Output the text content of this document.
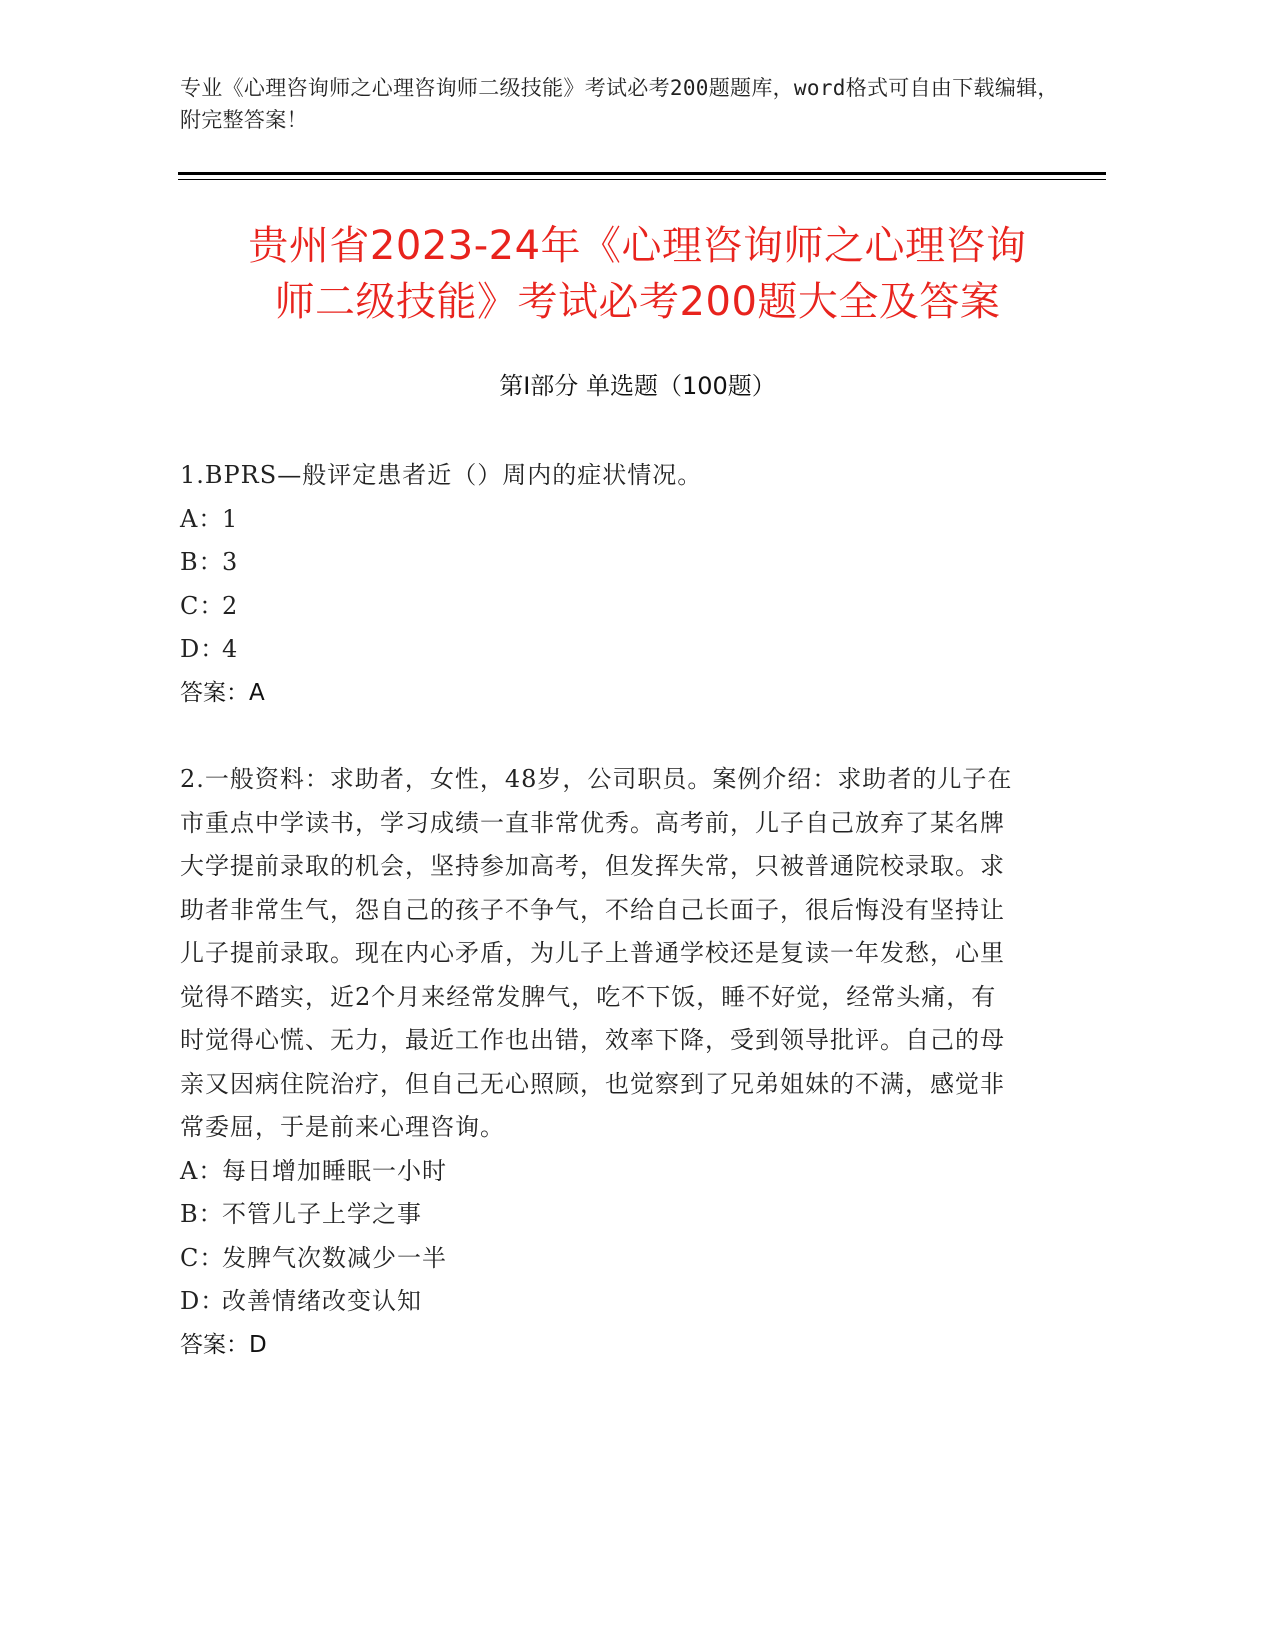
专业《心理咨询师之心理咨询师二级技能》考试必考200题题库，word格式可自由下载编辑，附完整答案！
贵州省2023-24年《心理咨询师之心理咨询
师二级技能》考试必考200题大全及答案
第Ⅰ部分 单选题（100题）

1.BPRS—般评定患者近（）周内的症状情况。

A：1

B：3

C：2

D：4

答案：A

2.一般资料：求助者，女性，48岁，公司职员。案例介绍：求助者的儿子在市重点中学读书，学习成绩一直非常优秀。高考前，儿子自己放弃了某名牌大学提前录取的机会，坚持参加高考，但发挥失常，只被普通院校录取。求助者非常生气，怨自己的孩子不争气，不给自己长面子，很后悔没有坚持让儿子提前录取。现在内心矛盾，为儿子上普通学校还是复读一年发愁，心里觉得不踏实，近2个月来经常发脾气，吃不下饭，睡不好觉，经常头痛，有时觉得心慌、无力，最近工作也出错，效率下降，受到领导批评。自己的母亲又因病住院治疗，但自己无心照顾，也觉察到了兄弟姐妹的不满，感觉非常委屈，于是前来心理咨询。

A：每日增加睡眠一小时

B：不管儿子上学之事

C：发脾气次数减少一半

D：改善情绪改变认知

答案：D
